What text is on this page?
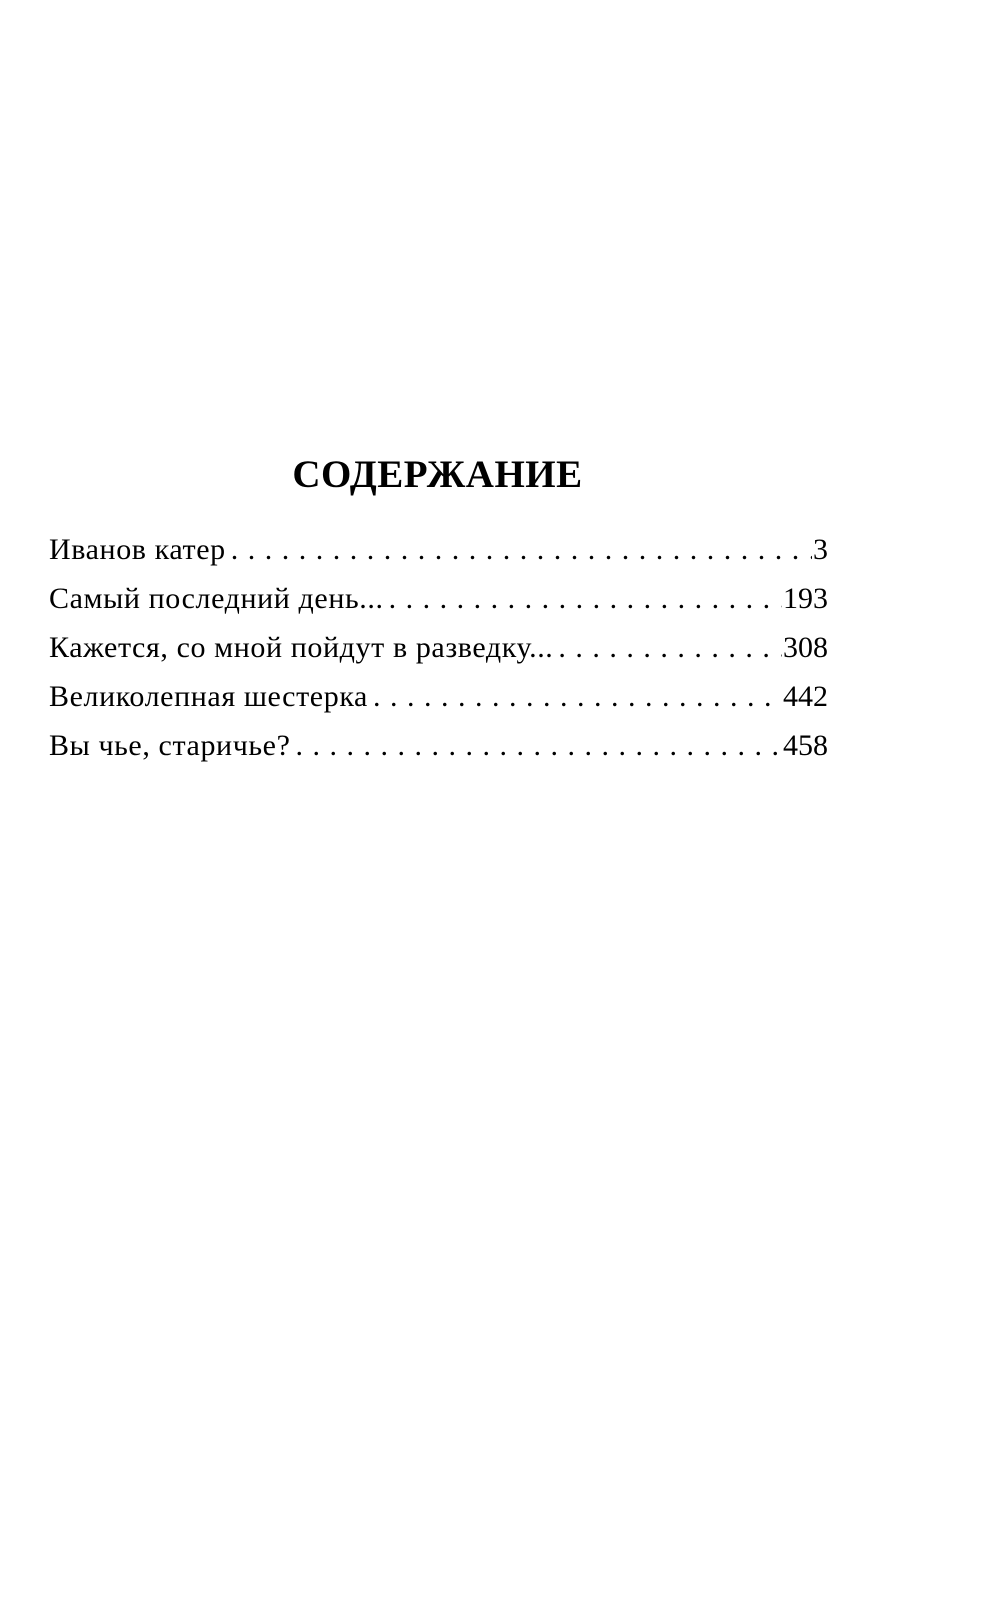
СОДЕРЖАНИЕ
Иванов катер . . .	3
Самый последний день... . . .	193
Кажется, со мной пойдут в разведку... . . .	308
Великолепная шестерка . . .	442
Вы чье, старичье? . . .	458
